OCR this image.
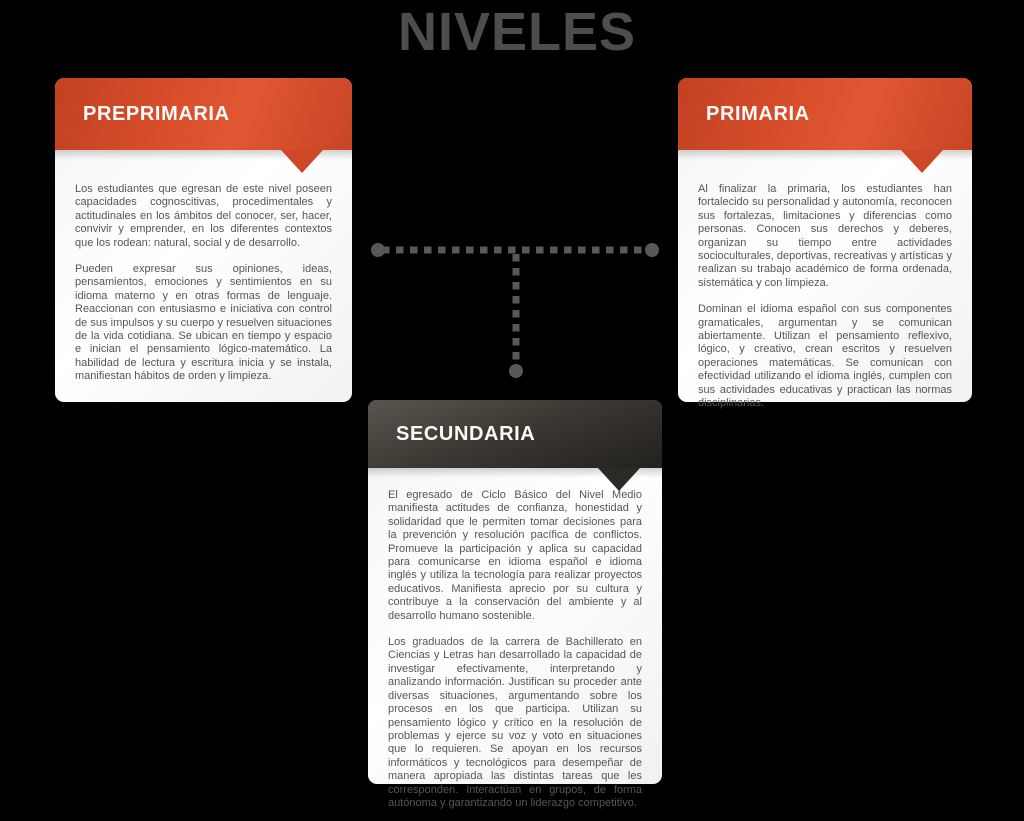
NIVELES
PREPRIMARIA

Los estudiantes que egresan de este nivel poseen capacidades cognoscitivas, procedimentales y actitudinales en los ámbitos del conocer, ser, hacer, convivir y emprender, en los diferentes contextos que los rodean: natural, social y de desarrollo.

Pueden expresar sus opiniones, ideas, pensamientos, emociones y sentimientos en su idioma materno y en otras formas de lenguaje. Reaccionan con entusiasmo e iniciativa con control de sus impulsos y su cuerpo y resuelven situaciones de la vida cotidiana. Se ubican en tiempo y espacio e inician el pensamiento lógico-matemático. La habilidad de lectura y escritura inicia y se instala, manifiestan hábitos de orden y limpieza.

PRIMARIA

Al finalizar la primaria, los estudiantes han fortalecido su personalidad y autonomía, reconocen sus fortalezas, limitaciones y diferencias como personas. Conocen sus derechos y deberes, organizan su tiempo entre actividades socioculturales, deportivas, recreativas y artísticas y realizan su trabajo académico de forma ordenada, sistemática y con limpieza.

Dominan el idioma español con sus componentes gramaticales, argumentan y se comunican abiertamente. Utilizan el pensamiento reflexivo, lógico, y creativo, crean escritos y resuelven operaciones matemáticas. Se comunican con efectividad utilizando el idioma inglés, cumplen con sus actividades educativas y practican las normas disciplinarias.

SECUNDARIA

El egresado de Ciclo Básico del Nivel Medio manifiesta actitudes de confianza, honestidad y solidaridad que le permiten tomar decisiones para la prevención y resolución pacífica de conflictos. Promueve la participación y aplica su capacidad para comunicarse en idioma español e idioma inglés y utiliza la tecnología para realizar proyectos educativos. Manifiesta aprecio por su cultura y contribuye a la conservación del ambiente y al desarrollo humano sostenible.

Los graduados de la carrera de Bachillerato en Ciencias y Letras han desarrollado la capacidad de investigar efectivamente, interpretando y analizando información. Justifican su proceder ante diversas situaciones, argumentando sobre los procesos en los que participa. Utilizan su pensamiento lógico y crítico en la resolución de problemas y ejerce su voz y voto en situaciones que lo requieren. Se apoyan en los recursos informáticos y tecnológicos para desempeñar de manera apropiada las distintas tareas que les corresponden. Interactúan en grupos, de forma autónoma y garantizando un liderazgo competitivo.
